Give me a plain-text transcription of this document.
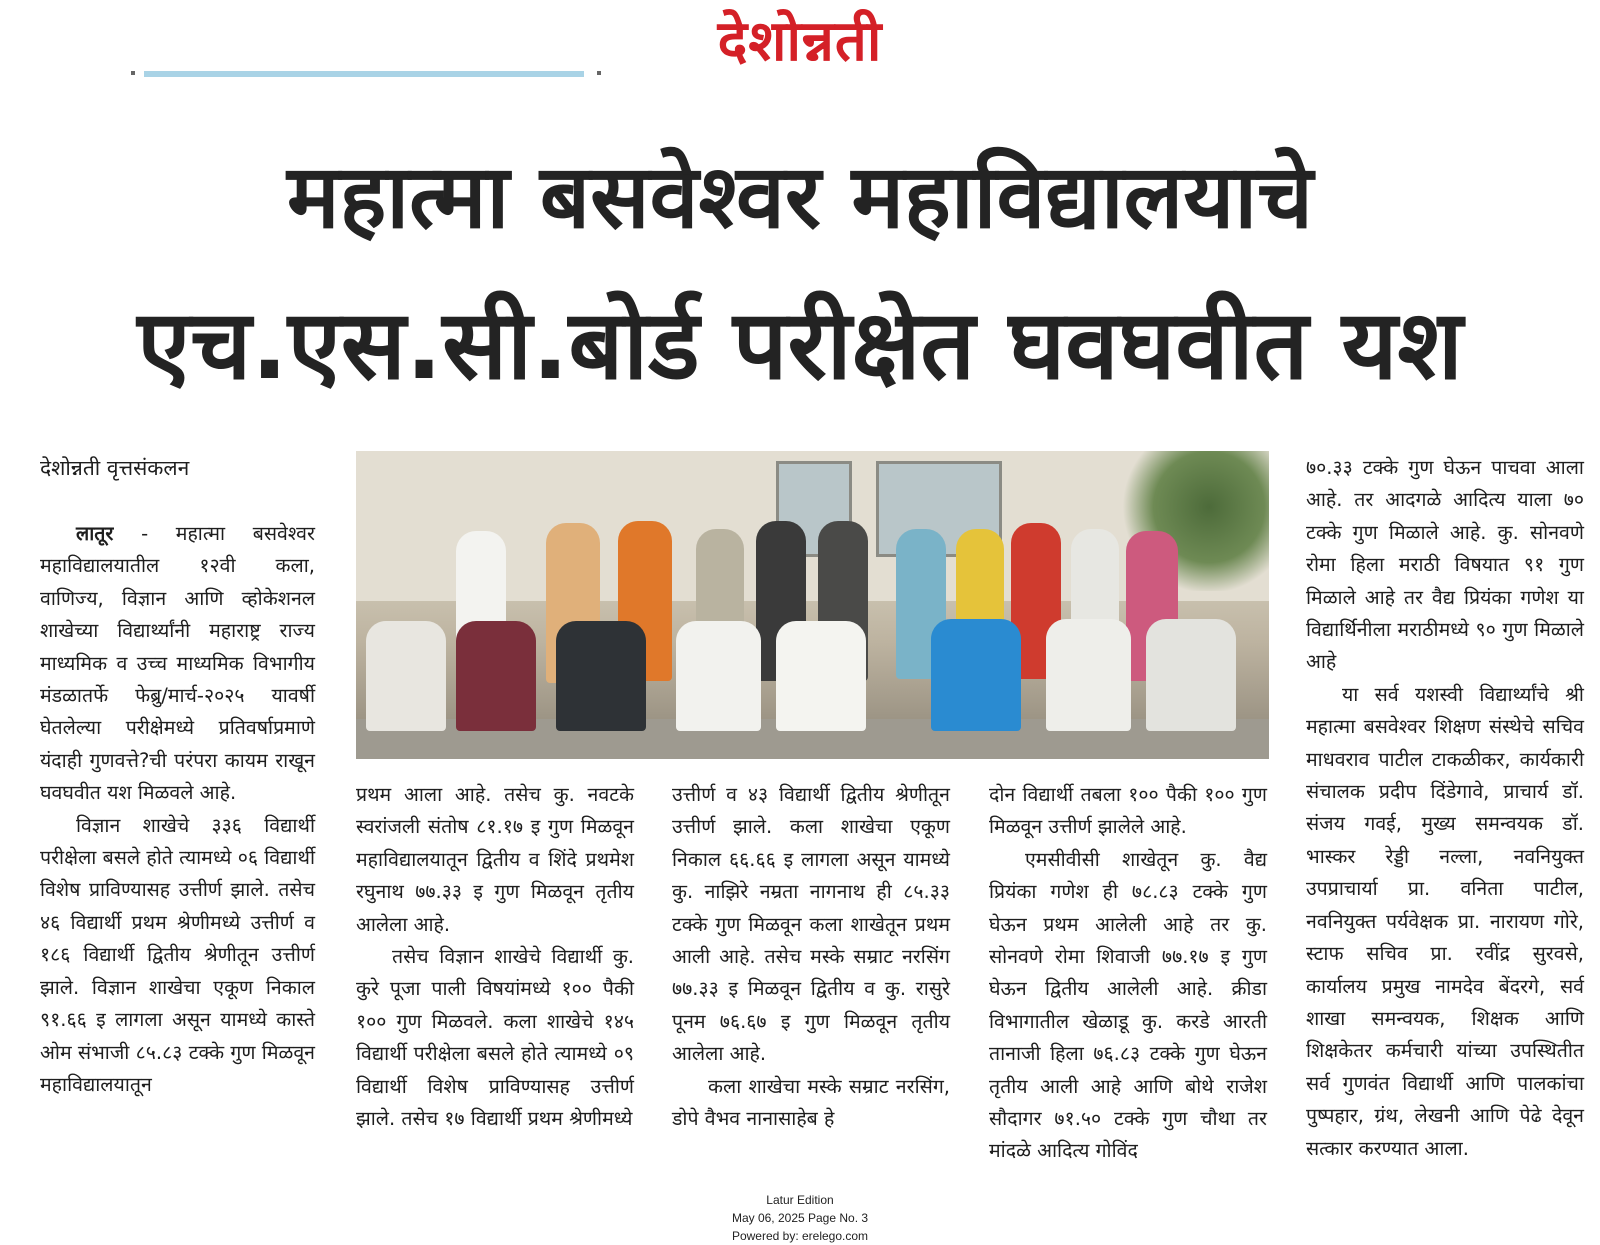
देशोन्नती
महात्मा बसवेश्वर महाविद्यालयाचे
एच.एस.सी.बोर्ड परीक्षेत घवघवीत यश

देशोन्नती वृत्तसंकलन

लातूर - महात्मा बसवेश्वर महाविद्यालयातील १२वी कला, वाणिज्य, विज्ञान आणि व्होकेशनल शाखेच्या विद्यार्थ्यांनी महाराष्ट्र राज्य माध्यमिक व उच्च माध्यमिक विभागीय मंडळातर्फे फेब्रु/मार्च-२०२५ यावर्षी घेतलेल्या परीक्षेमध्ये प्रतिवर्षाप्रमाणे यंदाही गुणवत्ते?ची परंपरा कायम राखून घवघवीत यश मिळवले आहे.

विज्ञान शाखेचे ३३६ विद्यार्थी परीक्षेला बसले होते त्यामध्ये ०६ विद्यार्थी विशेष प्राविण्यासह उत्तीर्ण झाले. तसेच ४६ विद्यार्थी प्रथम श्रेणीमध्ये उत्तीर्ण व १८६ विद्यार्थी द्वितीय श्रेणीतून उत्तीर्ण झाले. विज्ञान शाखेचा एकूण निकाल ९१.६६ इ लागला असून यामध्ये कास्ते ओम संभाजी ८५.८३ टक्के गुण मिळवून महाविद्यालयातून

प्रथम आला आहे. तसेच कु. नवटके स्वरांजली संतोष ८१.१७ इ गुण मिळवून महाविद्यालयातून द्वितीय व शिंदे प्रथमेश रघुनाथ ७७.३३ इ गुण मिळवून तृतीय आलेला आहे.

तसेच विज्ञान शाखेचे विद्यार्थी कु. कुरे पूजा पाली विषयांमध्ये १०० पैकी १०० गुण मिळवले. कला शाखेचे १४५ विद्यार्थी परीक्षेला बसले होते त्यामध्ये ०९ विद्यार्थी विशेष प्राविण्यासह उत्तीर्ण झाले. तसेच १७ विद्यार्थी प्रथम श्रेणीमध्ये

उत्तीर्ण व ४३ विद्यार्थी द्वितीय श्रेणीतून उत्तीर्ण झाले. कला शाखेचा एकूण निकाल ६६.६६ इ लागला असून यामध्ये कु. नाझिरे नम्रता नागनाथ ही ८५.३३ टक्के गुण मिळवून कला शाखेतून प्रथम आली आहे. तसेच मस्के सम्राट नरसिंग ७७.३३ इ मिळवून द्वितीय व कु. रासुरे पूनम ७६.६७ इ गुण मिळवून तृतीय आलेला आहे.

कला शाखेचा मस्के सम्राट नरसिंग, डोपे वैभव नानासाहेब हे

दोन विद्यार्थी तबला १०० पैकी १०० गुण मिळवून उत्तीर्ण झालेले आहे.

एमसीवीसी शाखेतून कु. वैद्य प्रियंका गणेश ही ७८.८३ टक्के गुण घेऊन प्रथम आलेली आहे तर कु. सोनवणे रोमा शिवाजी ७७.१७ इ गुण घेऊन द्वितीय आलेली आहे. क्रीडा विभागातील खेळाडू कु. करडे आरती तानाजी हिला ७६.८३ टक्के गुण घेऊन तृतीय आली आहे आणि बोथे राजेश सौदागर ७१.५० टक्के गुण चौथा तर मांदळे आदित्य गोविंद

७०.३३ टक्के गुण घेऊन पाचवा आला आहे. तर आदगळे आदित्य याला ७० टक्के गुण मिळाले आहे. कु. सोनवणे रोमा हिला मराठी विषयात ९१ गुण मिळाले आहे तर वैद्य प्रियंका गणेश या विद्यार्थिनीला मराठीमध्ये ९० गुण मिळाले आहे

या सर्व यशस्वी विद्यार्थ्यांचे श्री महात्मा बसवेश्वर शिक्षण संस्थेचे सचिव माधवराव पाटील टाकळीकर, कार्यकारी संचालक प्रदीप दिंडेगावे, प्राचार्य डॉ. संजय गवई, मुख्य समन्वयक डॉ. भास्कर रेड्डी नल्ला, नवनियुक्त उपप्राचार्या प्रा. वनिता पाटील, नवनियुक्त पर्यवेक्षक प्रा. नारायण गोरे, स्टाफ सचिव प्रा. रवींद्र सुरवसे, कार्यालय प्रमुख नामदेव बेंदरगे, सर्व शाखा समन्वयक, शिक्षक आणि शिक्षकेतर कर्मचारी यांच्या उपस्थितीत सर्व गुणवंत विद्यार्थी आणि पालकांचा पुष्पहार, ग्रंथ, लेखनी आणि पेढे देवून सत्कार करण्यात आला.

Latur Edition
May 06, 2025 Page No. 3
Powered by: erelego.com
